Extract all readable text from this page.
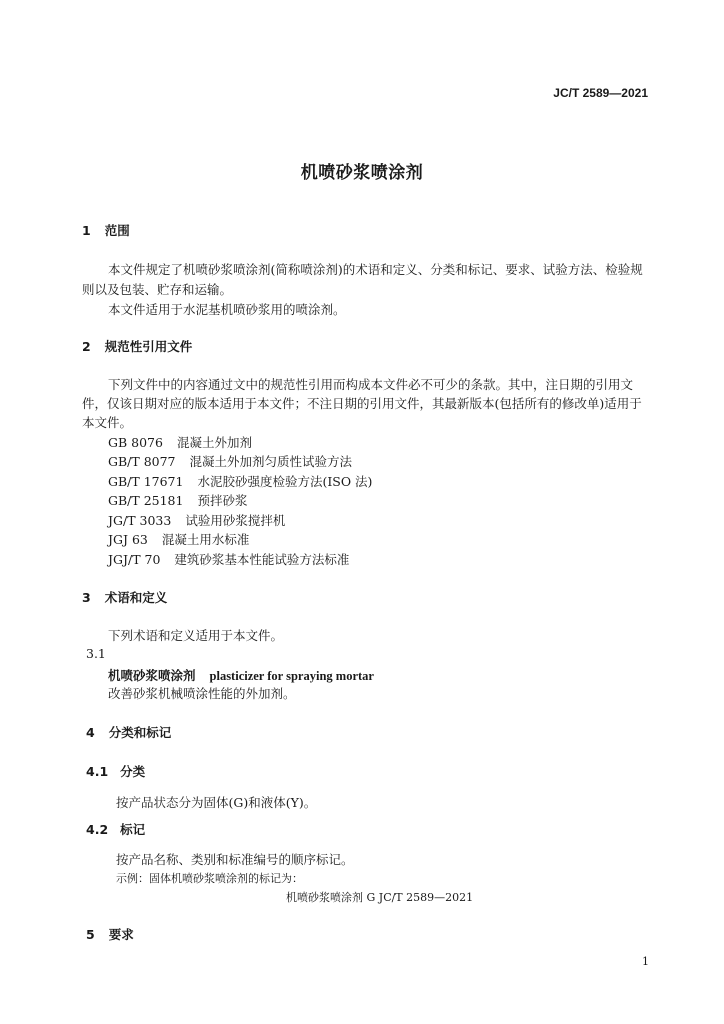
JC/T 2589—2021
机喷砂浆喷涂剂
1 范围
本文件规定了机喷砂浆喷涂剂(简称喷涂剂)的术语和定义、分类和标记、要求、试验方法、检验规
则以及包装、贮存和运输。
本文件适用于水泥基机喷砂浆用的喷涂剂。
2 规范性引用文件
下列文件中的内容通过文中的规范性引用而构成本文件必不可少的条款。其中，注日期的引用文
件，仅该日期对应的版本适用于本文件；不注日期的引用文件，其最新版本(包括所有的修改单)适用于
本文件。
GB 8076 混凝土外加剂
GB/T 8077 混凝土外加剂匀质性试验方法
GB/T 17671 水泥胶砂强度检验方法(ISO 法)
GB/T 25181 预拌砂浆
JG/T 3033 试验用砂浆搅拌机
JGJ 63 混凝土用水标准
JGJ/T 70 建筑砂浆基本性能试验方法标准
3 术语和定义
下列术语和定义适用于本文件。
3.1
机喷砂浆喷涂剂 plasticizer for spraying mortar
改善砂浆机械喷涂性能的外加剂。
4 分类和标记
4.1 分类
按产品状态分为固体(G)和液体(Y)。
4.2 标记
按产品名称、类别和标准编号的顺序标记。
示例：固体机喷砂浆喷涂剂的标记为：
机喷砂浆喷涂剂 G JC/T 2589—2021
5 要求
1
